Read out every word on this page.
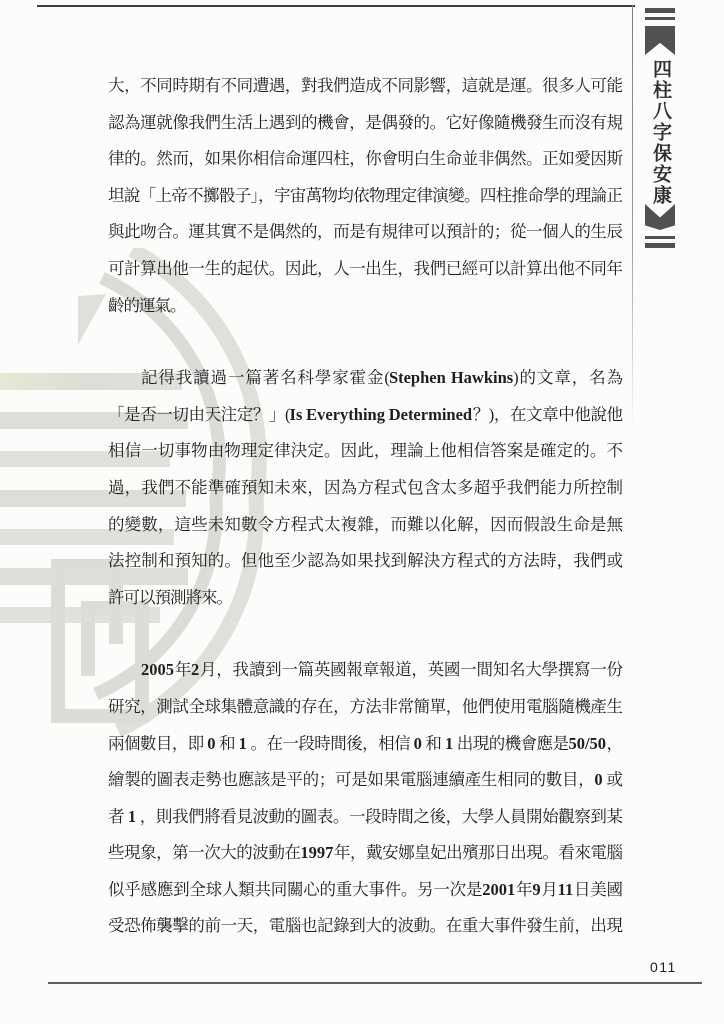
四柱八字保安康
大，不同時期有不同遭遇，對我們造成不同影響，這就是運。很多人可能
認為運就像我們生活上遇到的機會，是偶發的。它好像隨機發生而沒有規
律的。然而，如果你相信命運四柱，你會明白生命並非偶然。正如愛因斯
坦說「上帝不擲骰子」，宇宙萬物均依物理定律演變。四柱推命學的理論正
與此吻合。運其實不是偶然的，而是有規律可以預計的；從一個人的生辰
可計算出他一生的起伏。因此，人一出生，我們已經可以計算出他不同年
齡的運氣。
記得我讀過一篇著名科學家霍金(Stephen Hawkins)的文章，名為
「是否一切由天注定？」(Is Everything Determined？)，在文章中他說他
相信一切事物由物理定律決定。因此，理論上他相信答案是確定的。不
過，我們不能準確預知未來，因為方程式包含太多超乎我們能力所控制
的變數，這些未知數令方程式太複雜，而難以化解，因而假設生命是無
法控制和預知的。但他至少認為如果找到解決方程式的方法時，我們或
許可以預測將來。
2005年2月，我讀到一篇英國報章報道，英國一間知名大學撰寫一份
研究，測試全球集體意識的存在，方法非常簡單，他們使用電腦隨機產生
兩個數目，即 0 和 1 。在一段時間後，相信 0 和 1 出現的機會應是50/50，
繪製的圖表走勢也應該是平的；可是如果電腦連續產生相同的數目，0 或
者 1 ，則我們將看見波動的圖表。一段時間之後，大學人員開始觀察到某
些現象，第一次大的波動在1997年，戴安娜皇妃出殯那日出現。看來電腦
似乎感應到全球人類共同關心的重大事件。另一次是2001年9月11日美國
受恐佈襲擊的前一天，電腦也記錄到大的波動。在重大事件發生前，出現
011
